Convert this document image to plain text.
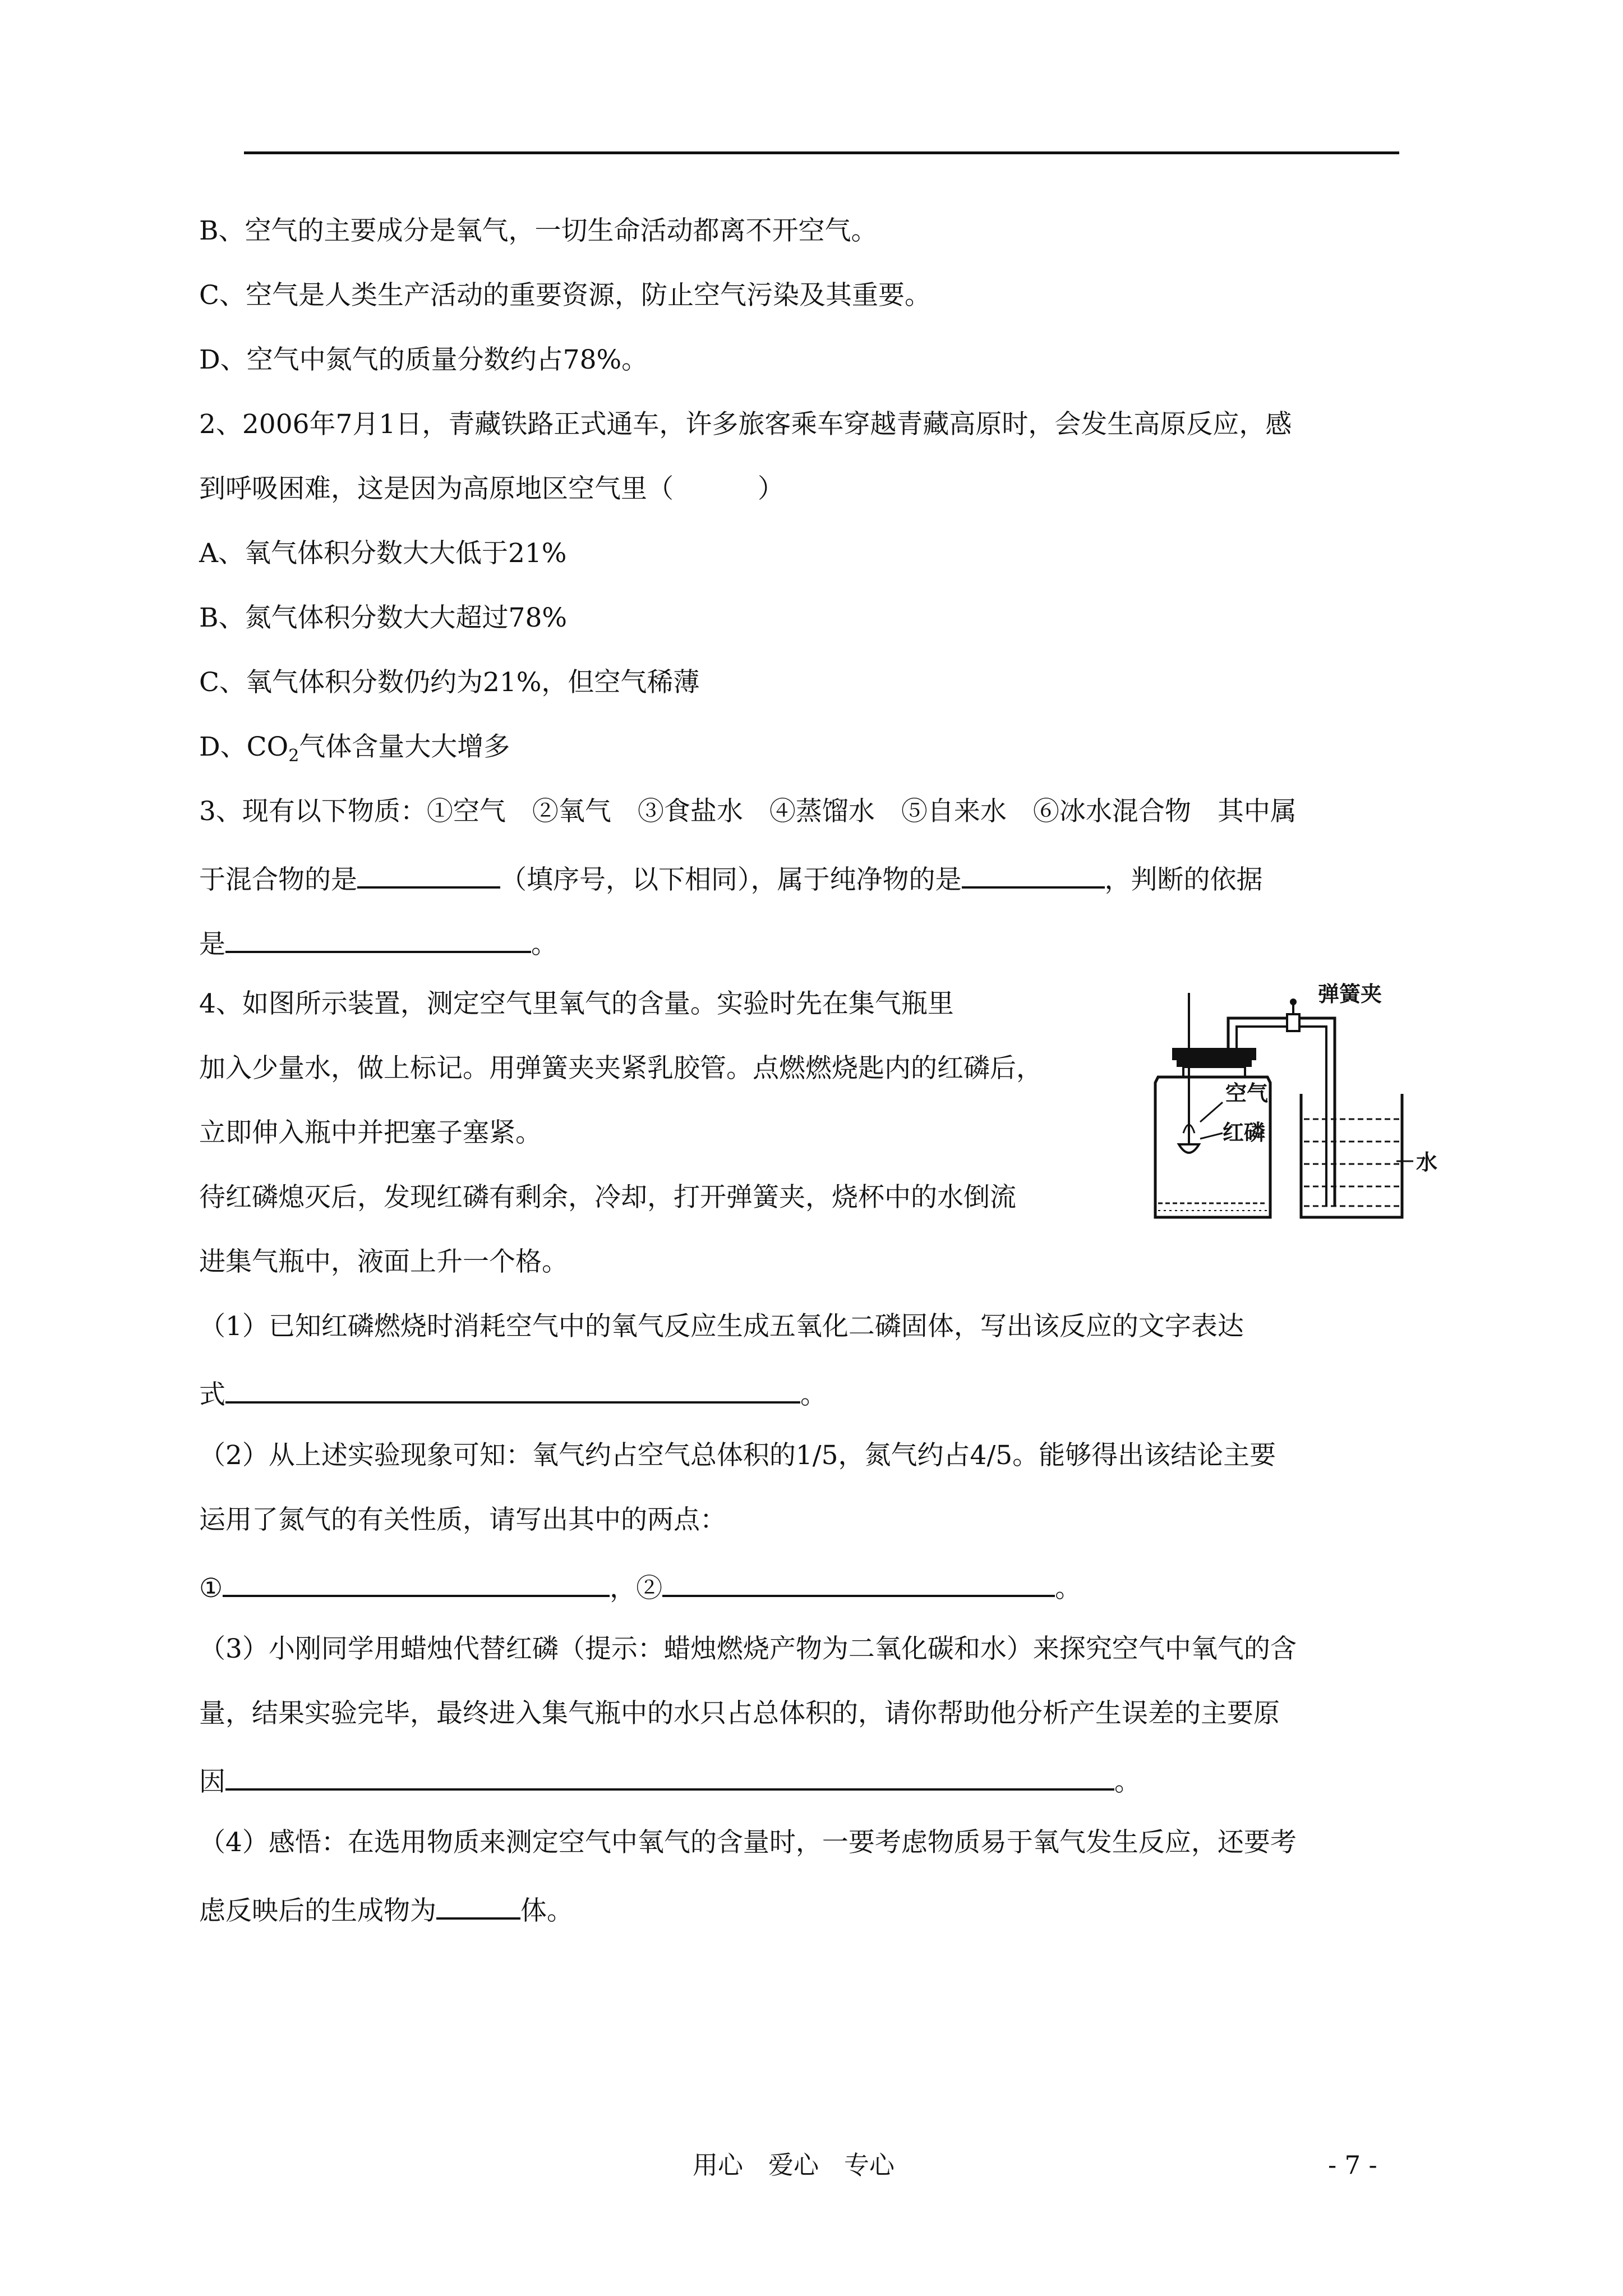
B、空气的主要成分是氧气，一切生命活动都离不开空气。
C、空气是人类生产活动的重要资源，防止空气污染及其重要。
D、空气中氮气的质量分数约占78%。
2、2006年7月1日，青藏铁路正式通车，许多旅客乘车穿越青藏高原时，会发生高原反应，感
到呼吸困难，这是因为高原地区空气里（	）
A、氧气体积分数大大低于21%
B、氮气体积分数大大超过78%
C、氧气体积分数仍约为21%，但空气稀薄
D、$CO_2$气体含量大大增多
3、现有以下物质：①空气　②氧气　③食盐水　④蒸馏水　⑤自来水　⑥冰水混合物　其中属
于混合物的是	（填序号，以下相同），属于纯净物的是	，判断的依据
是	。
4、如图所示装置，测定空气里氧气的含量。实验时先在集气瓶里
加入少量水，做上标记。用弹簧夹夹紧乳胶管。点燃燃烧匙内的红磷后，
立即伸入瓶中并把塞子塞紧。
待红磷熄灭后，发现红磷有剩余，冷却，打开弹簧夹，烧杯中的水倒流
进集气瓶中，液面上升一个格。
（1）已知红磷燃烧时消耗空气中的氧气反应生成五氧化二磷固体，写出该反应的文字表达
式	。
（2）从上述实验现象可知：氧气约占空气总体积的1/5，氮气约占4/5。能够得出该结论主要
运用了氮气的有关性质，请写出其中的两点：
①	，②	。
（3）小刚同学用蜡烛代替红磷（提示：蜡烛燃烧产物为二氧化碳和水）来探究空气中氧气的含
量，结果实验完毕，最终进入集气瓶中的水只占总体积的，请你帮助他分析产生误差的主要原
因	。
（4）感悟：在选用物质来测定空气中氧气的含量时，一要考虑物质易于氧气发生反应，还要考
虑反映后的生成物为	体。
弹簧夹
空气
红磷
水
用心　爱心　专心	- 7 -
